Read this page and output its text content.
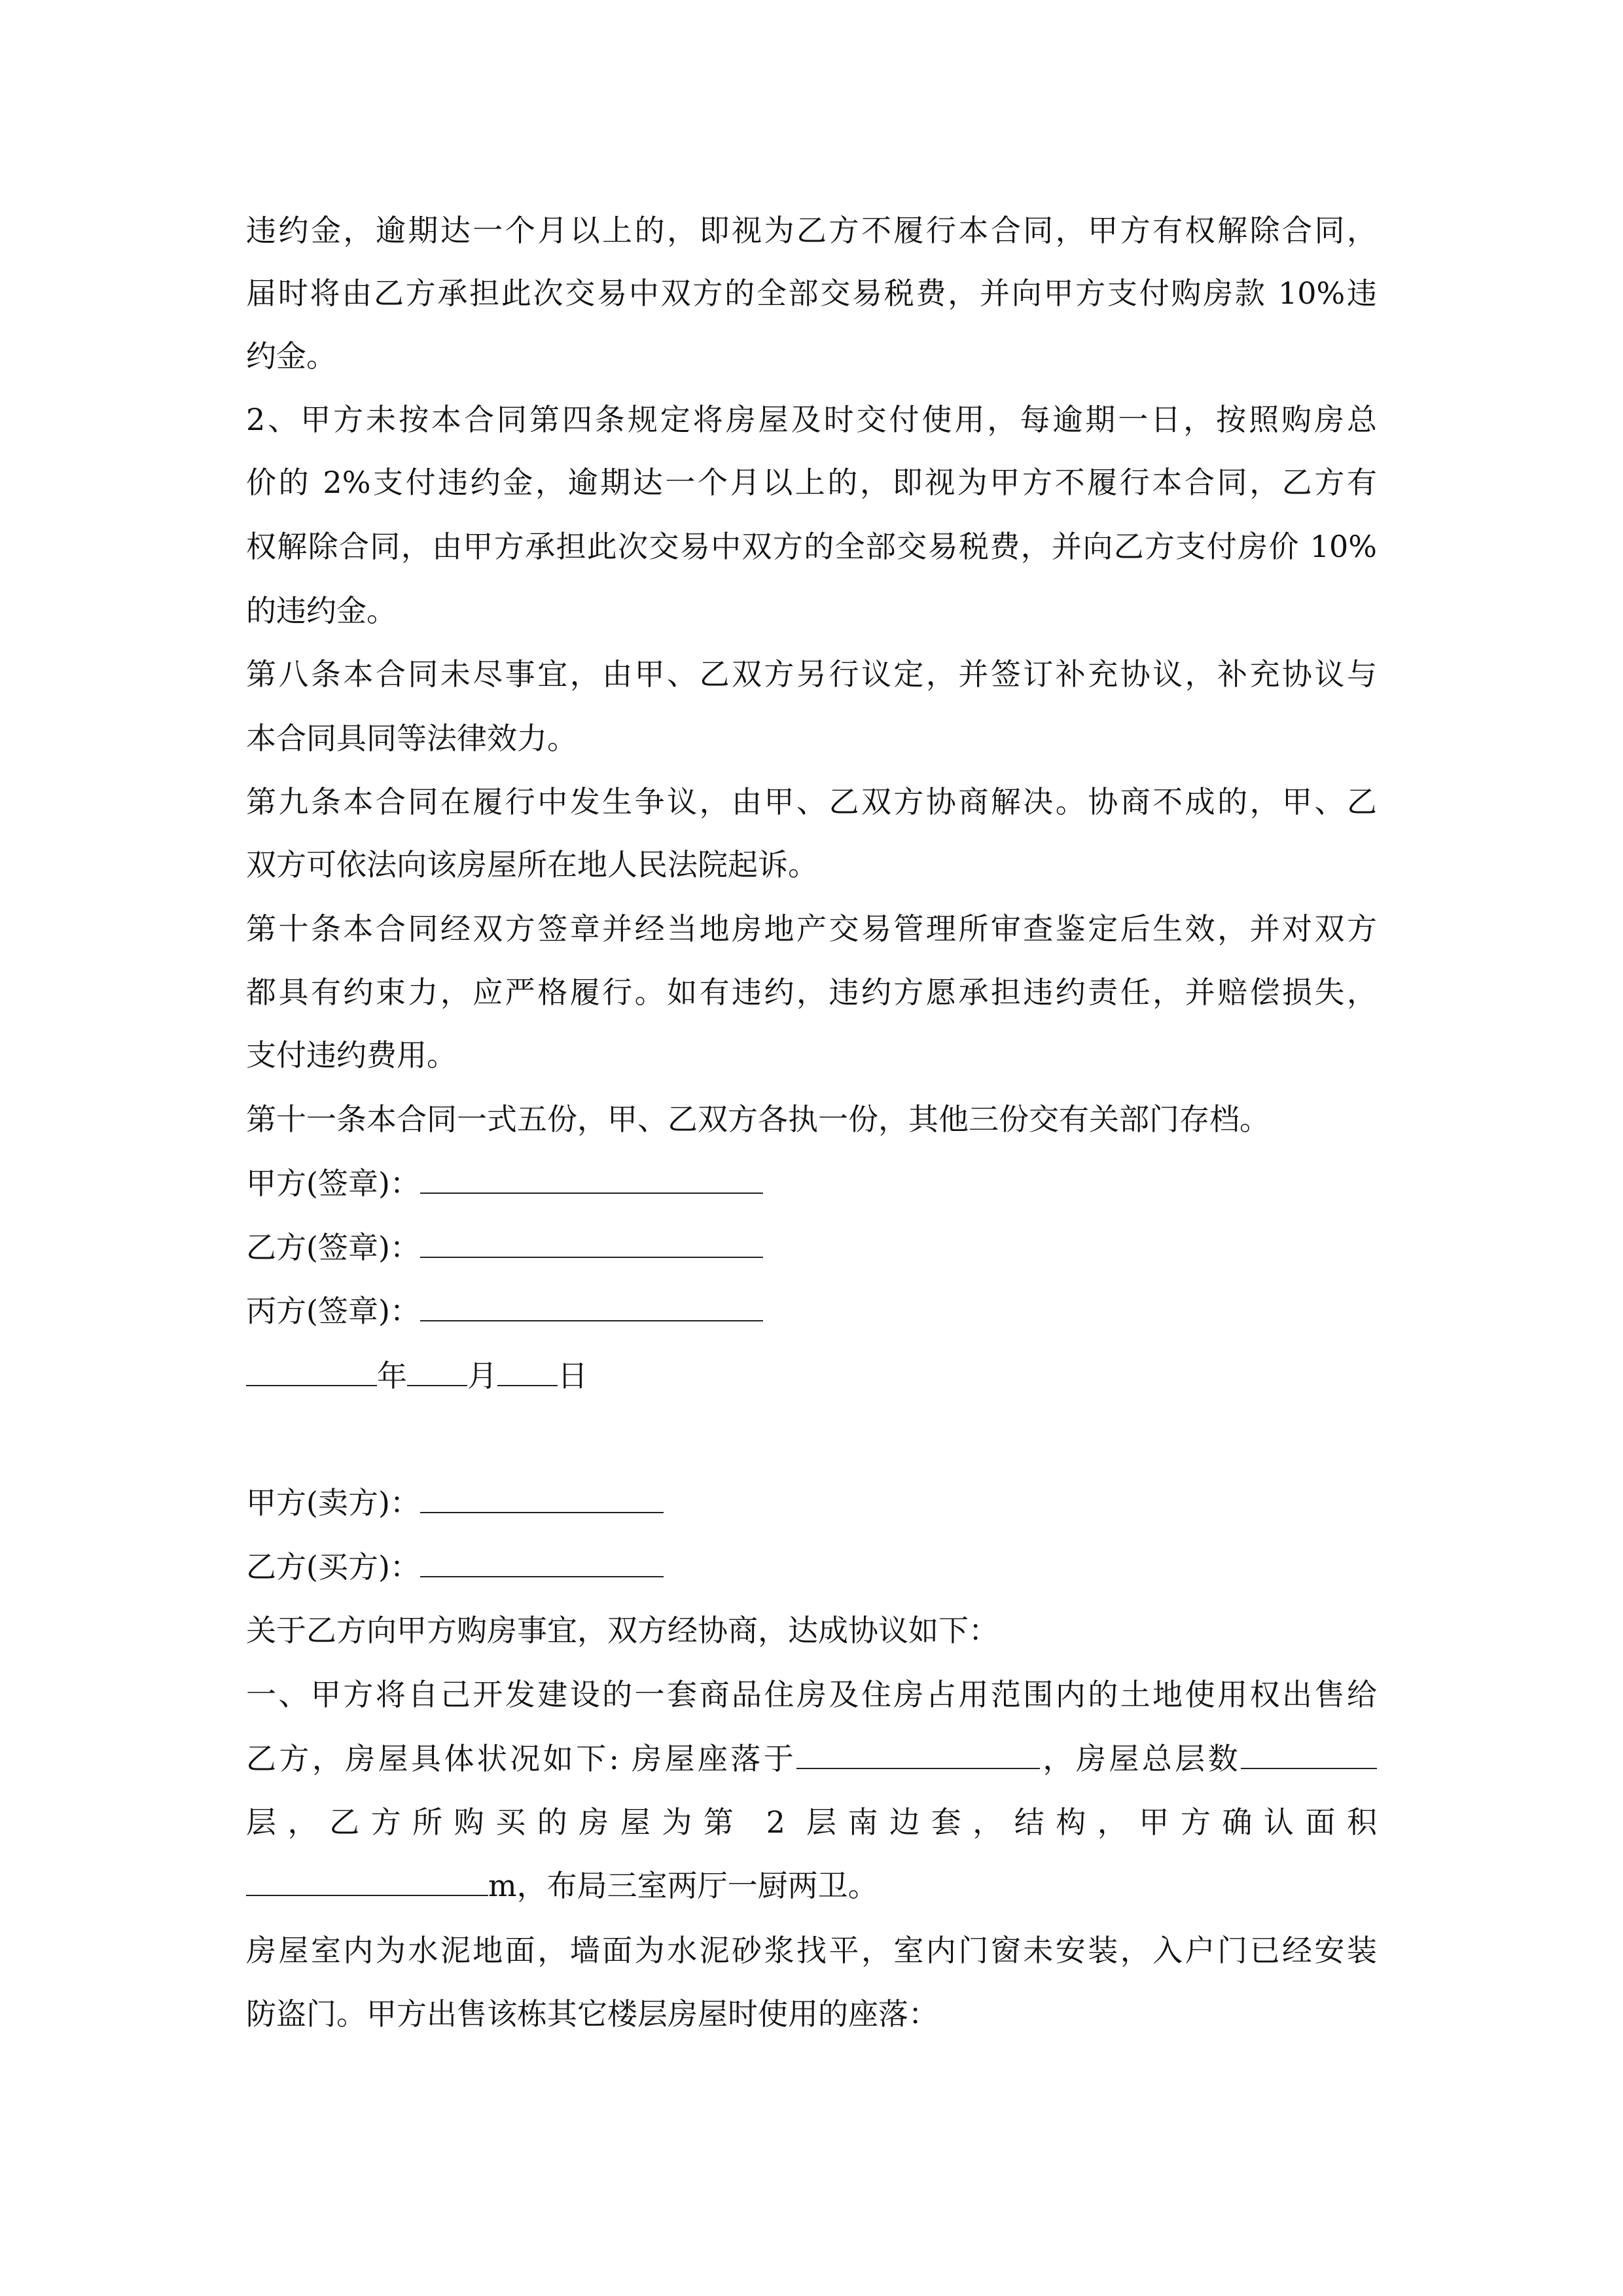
违约金，逾期达一个月以上的，即视为乙方不履行本合同，甲方有权解除合同，

届时将由乙方承担此次交易中双方的全部交易税费，并向甲方支付购房款 10%违

约金。

2、甲方未按本合同第四条规定将房屋及时交付使用，每逾期一日，按照购房总

价的 2%支付违约金，逾期达一个月以上的，即视为甲方不履行本合同，乙方有

权解除合同，由甲方承担此次交易中双方的全部交易税费，并向乙方支付房价 10%

的违约金。

第八条本合同未尽事宜，由甲、乙双方另行议定，并签订补充协议，补充协议与

本合同具同等法律效力。

第九条本合同在履行中发生争议，由甲、乙双方协商解决。协商不成的，甲、乙

双方可依法向该房屋所在地人民法院起诉。

第十条本合同经双方签章并经当地房地产交易管理所审查鉴定后生效，并对双方

都具有约束力，应严格履行。如有违约，违约方愿承担违约责任，并赔偿损失，

支付违约费用。

第十一条本合同一式五份，甲、乙双方各执一份，其他三份交有关部门存档。

甲方(签章)：

乙方(签章)：

丙方(签章)：

年 月 日

甲方(卖方)：

乙方(买方)：

关于乙方向甲方购房事宜，双方经协商，达成协议如下：

一、甲方将自己开发建设的一套商品住房及住房占用范围内的土地使用权出售给

乙方，房屋具体状况如下: 房屋座落于	，房屋总层数

层，乙方所购买的房屋为第 2 层南边套，结构，甲方确认面积

m，布局三室两厅一厨两卫。

房屋室内为水泥地面，墙面为水泥砂浆找平，室内门窗未安装，入户门已经安装

防盗门。甲方出售该栋其它楼层房屋时使用的座落：
